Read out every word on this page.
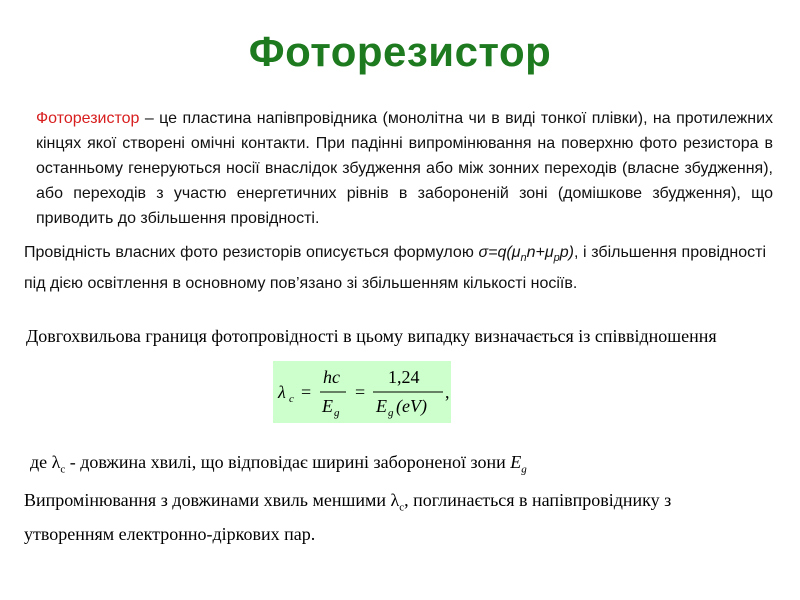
Фоторезистор
Фоторезистор – це пластина напівпровідника (монолітна чи в виді тонкої плівки), на протилежних кінцях якої створені омічні контакти. При падінні випромінювання на поверхню фото резистора в останньому генеруються носії внаслідок збудження або між зонних переходів (власне збудження), або переходів з участю енергетичних рівнів в забороненій зоні (домішкове збудження), що приводить до збільшення провідності.
Провідність власних фото резисторів описується формулою $\sigma=q(\mu_nn+\mu_pp)$, і збільшення провідності під дією освітлення в основному пов’язано зі збільшенням кількості носіїв.
Довгохвильова границя фотопровідності в цьому випадку визначається із співвідношення
λ c =
hc
E g
=
1,24
E g (eV)
,
де $\lambda_c$ - довжина хвилі, що відповідає ширині забороненої зони $E_g$
Випромінювання з довжинами хвиль меншими $\lambda_c$, поглинається в напівпровіднику з утворенням електронно-діркових пар.
